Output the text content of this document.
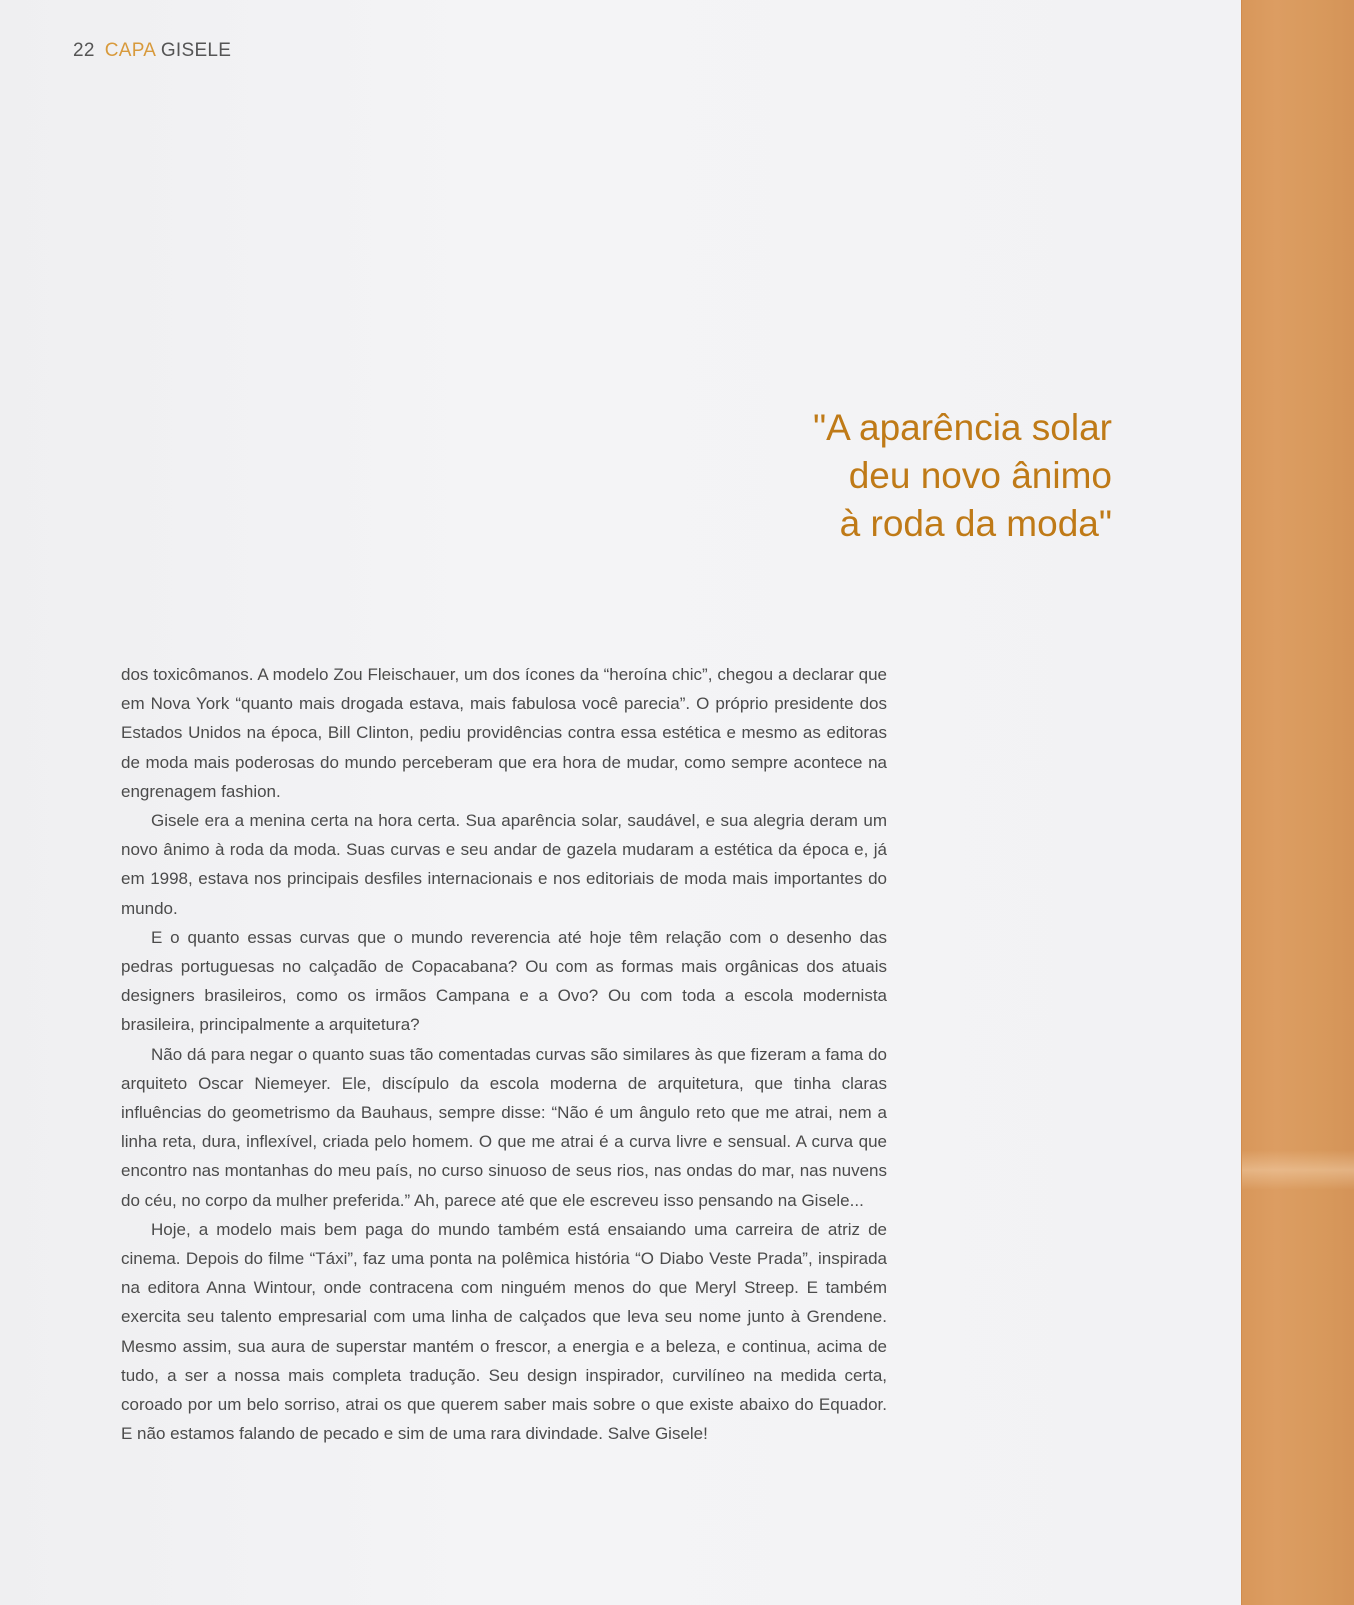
22 CAPA GISELE
"A aparência solar
deu novo ânimo
à roda da moda"

dos toxicômanos. A modelo Zou Fleischauer, um dos ícones da “heroína chic”, chegou a declarar que em Nova York “quanto mais drogada estava, mais fabulosa você parecia”. O próprio presidente dos Estados Unidos na época, Bill Clinton, pediu providências contra essa estética e mesmo as editoras de moda mais poderosas do mundo perceberam que era hora de mudar, como sempre acontece na engrenagem fashion.

Gisele era a menina certa na hora certa. Sua aparência solar, saudável, e sua alegria deram um novo ânimo à roda da moda. Suas curvas e seu andar de gazela mudaram a estética da época e, já em 1998, estava nos principais desfiles internacionais e nos editoriais de moda mais importantes do mundo.

E o quanto essas curvas que o mundo reverencia até hoje têm relação com o desenho das pedras portuguesas no calçadão de Copacabana? Ou com as formas mais orgânicas dos atuais designers brasileiros, como os irmãos Campana e a Ovo? Ou com toda a escola modernista brasileira, principalmente a arquitetura?

Não dá para negar o quanto suas tão comentadas curvas são similares às que fizeram a fama do arquiteto Oscar Niemeyer. Ele, discípulo da escola moderna de arquitetura, que tinha claras influências do geometrismo da Bauhaus, sempre disse: “Não é um ângulo reto que me atrai, nem a linha reta, dura, inflexível, criada pelo homem. O que me atrai é a curva livre e sensual. A curva que encontro nas montanhas do meu país, no curso sinuoso de seus rios, nas ondas do mar, nas nuvens do céu, no corpo da mulher preferida.” Ah, parece até que ele escreveu isso pensando na Gisele...

Hoje, a modelo mais bem paga do mundo também está ensaiando uma carreira de atriz de cinema. Depois do filme “Táxi”, faz uma ponta na polêmica história “O Diabo Veste Prada”, inspirada na editora Anna Wintour, onde contracena com ninguém menos do que Meryl Streep. E também exercita seu talento empresarial com uma linha de calçados que leva seu nome junto à Grendene. Mesmo assim, sua aura de superstar mantém o frescor, a energia e a beleza, e continua, acima de tudo, a ser a nossa mais completa tradução. Seu design inspirador, curvilíneo na medida certa, coroado por um belo sorriso, atrai os que querem saber mais sobre o que existe abaixo do Equador. E não estamos falando de pecado e sim de uma rara divindade. Salve Gisele!
